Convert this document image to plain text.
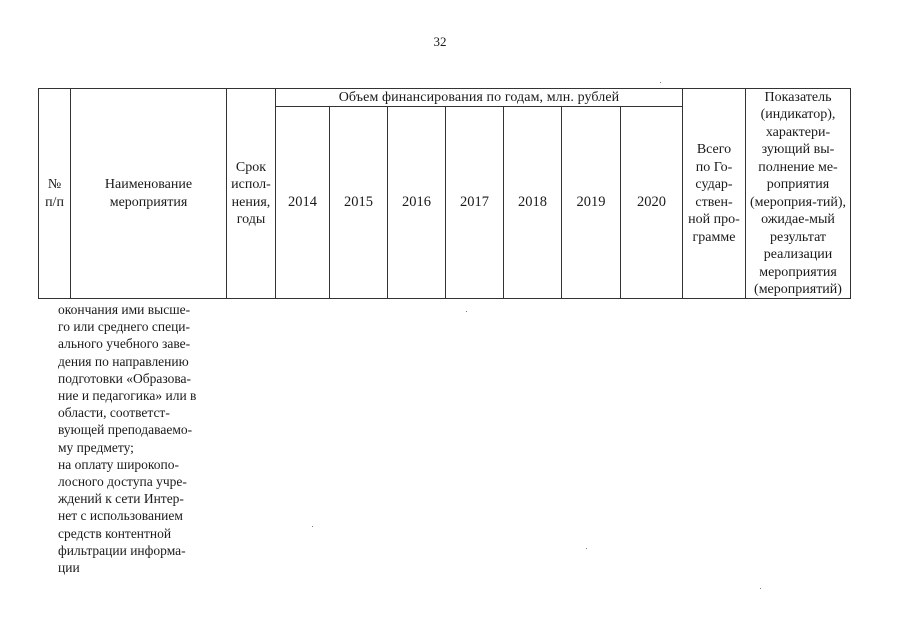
32
№ п/п
Наименование мероприятия
Срок испол-нения, годы
Объем финансирования по годам, млн. рублей
2014 2015 2016 2017 2018 2019 2020
Всего по Го-судар-ствен-ной про-грамме
Показатель (индикатор), характери-зующий вы-полнение ме-роприятия (мероприя-тий), ожидае-мый результат реализации мероприятия (мероприятий)

окончания ими высше-

го или среднего специ-

ального учебного заве-

дения по направлению

подготовки «Образова-

ние и педагогика» или в

области, соответст-

вующей преподаваемо-

му предмету;

на оплату широкопо-

лосного доступа учре-

ждений к сети Интер-

нет с использованием

средств контентной

фильтрации информа-

ции
